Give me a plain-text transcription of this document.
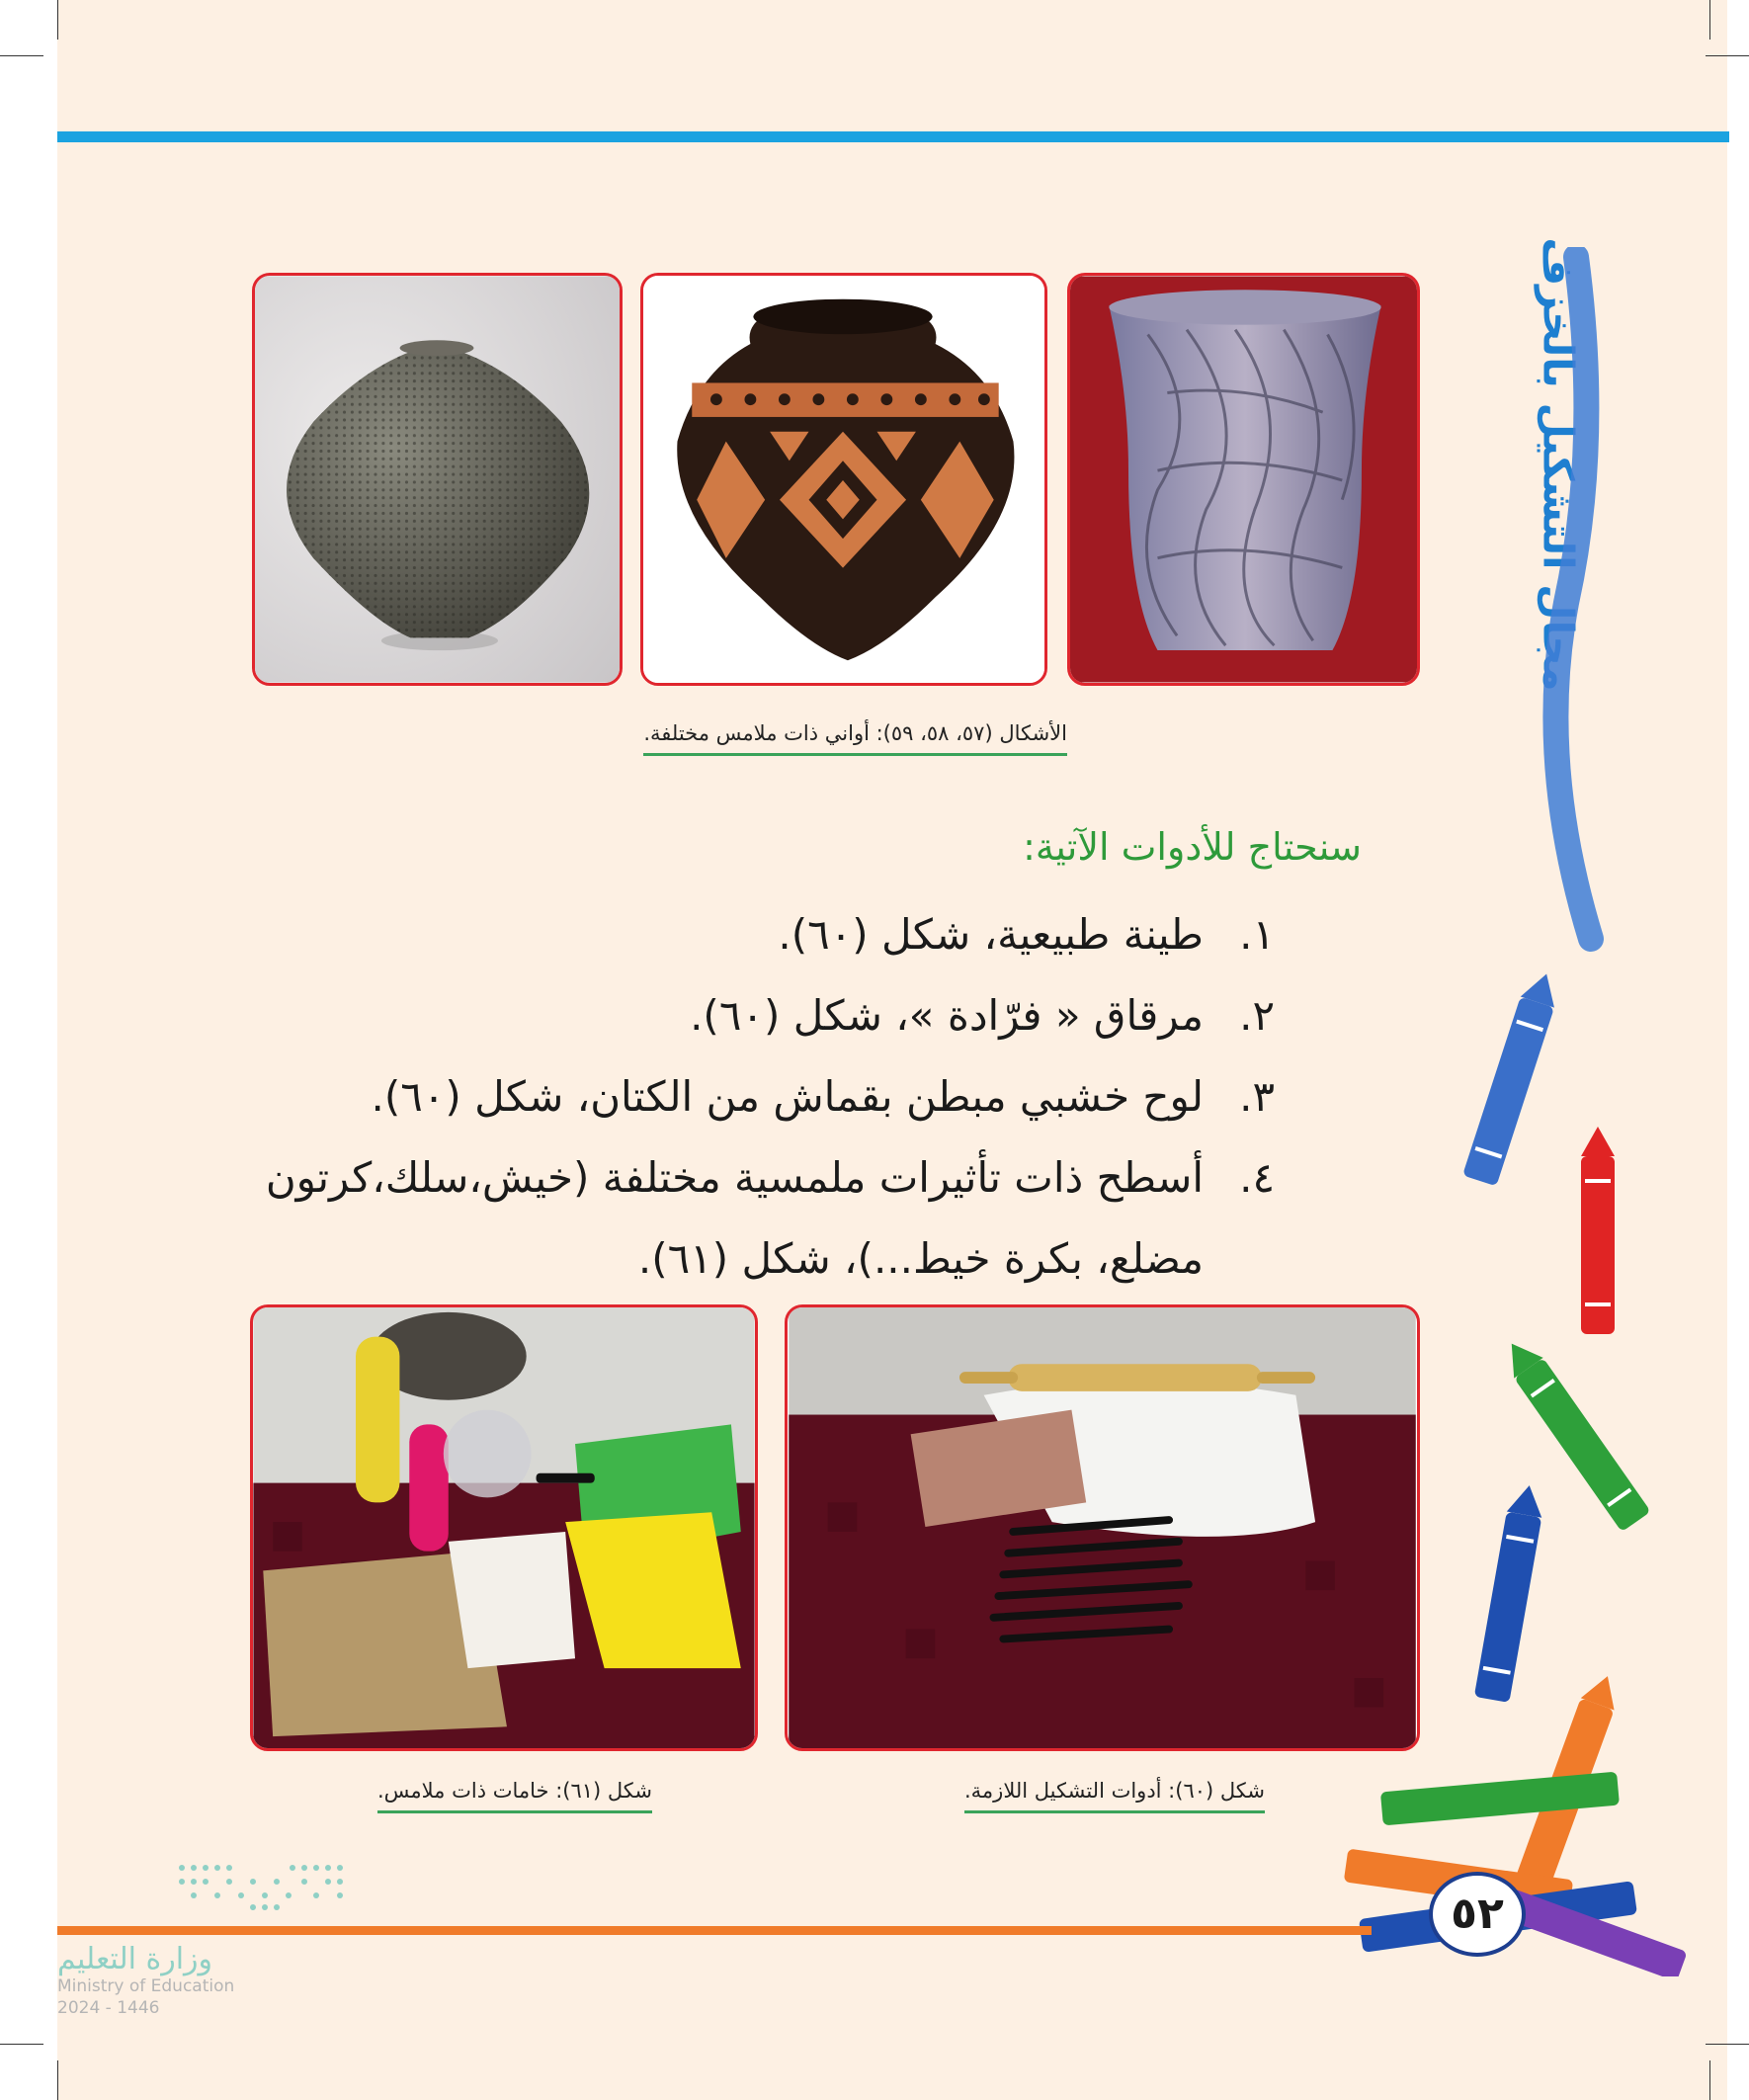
الأشكال (٥٧، ٥٨، ٥٩): أواني ذات ملامس مختلفة.
مجال التشكيل بالخزف
سنحتاج للأدوات الآتية:
١.
طينة طبيعية، شكل (٦٠).
٢.
مرقاق « فرّادة »، شكل (٦٠).
٣.
لوح خشبي مبطن بقماش من الكتان، شكل (٦٠).
٤.
أسطح ذات تأثيرات ملمسية مختلفة (خيش،سلك،كرتون مضلع، بكرة خيط...)، شكل (٦١).
شكل (٦١): خامات ذات ملامس.	شكل (٦٠): أدوات التشكيل اللازمة.
٥٢
وزارة التعليم
Ministry of Education
2024 - 1446
